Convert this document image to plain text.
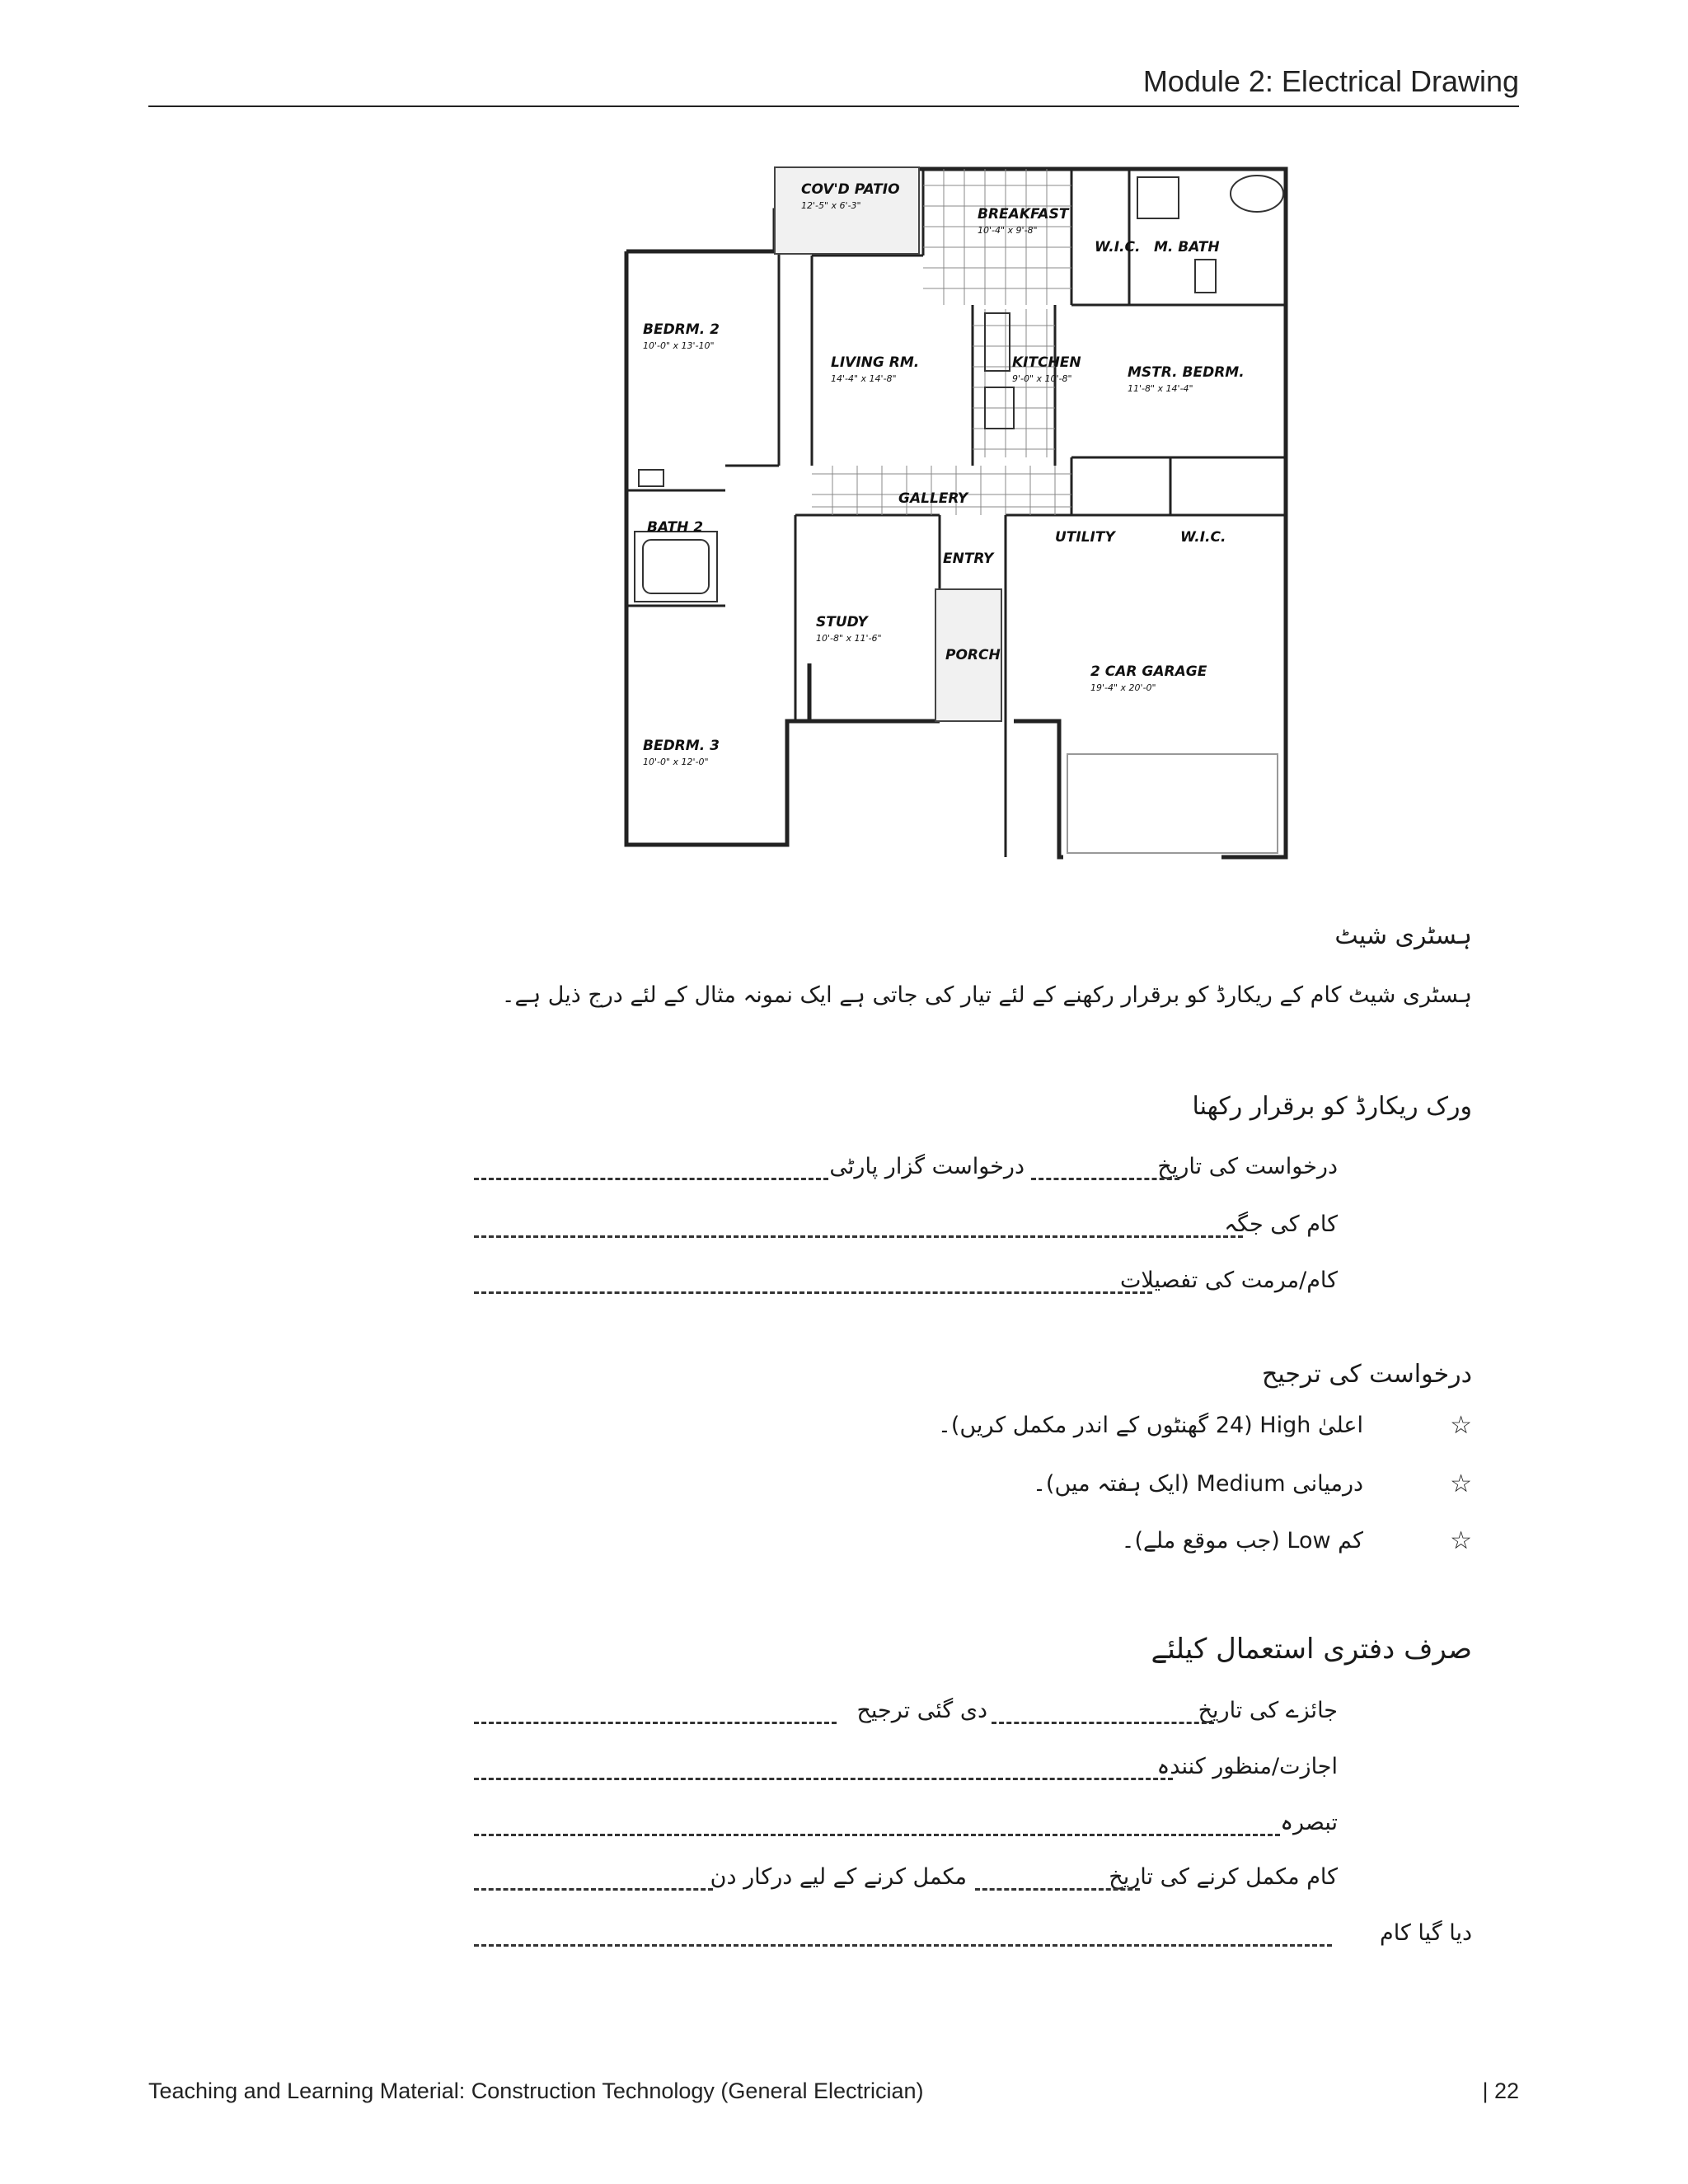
Module 2: Electrical Drawing
COV'D PATIO
BREAKFAST
W.I.C. M. BATH
BEDRM. 2
LIVING RM.	KITCHEN
MSTR. BEDRM.
GALLERY
BATH 2
UTILITY	W.I.C.
ENTRY
STUDY
PORCH
2 CAR GARAGE
BEDRM. 3
12'-5" x 6'-3"
10'-4" x 9'-8"
10'-0" x 13'-10"
14'-4" x 14'-8"	9'-0" x 10'-8"
11'-8" x 14'-4"
10'-8" x 11'-6"
19'-4" x 20'-0"
10'-0" x 12'-0"
ہسٹری شیٹ
ہسٹری شیٹ کام کے ریکارڈ کو برقرار رکھنے کے لئے تیار کی جاتی ہے ایک نمونہ مثال کے لئے درج ذیل ہے۔
ورک ریکارڈ کو برقرار رکھنا
درخواست کی تاریخ
درخواست گزار پارٹی
کام کی جگہ
کام/مرمت کی تفصیلات
درخواست کی ترجیح
☆
اعلیٰ High (24 گھنٹوں کے اندر مکمل کریں)۔
☆
درمیانی Medium (ایک ہفتہ میں)۔
☆
کم Low (جب موقع ملے)۔
صرف دفتری استعمال کیلئے
جائزے کی تاریخ
دی گئی ترجیح
اجازت/منظور کنندہ
تبصرہ
کام مکمل کرنے کی تاریخ
مکمل کرنے کے لیے درکار دن
دیا گیا کام
Teaching and Learning Material: Construction Technology (General Electrician)	| 22
